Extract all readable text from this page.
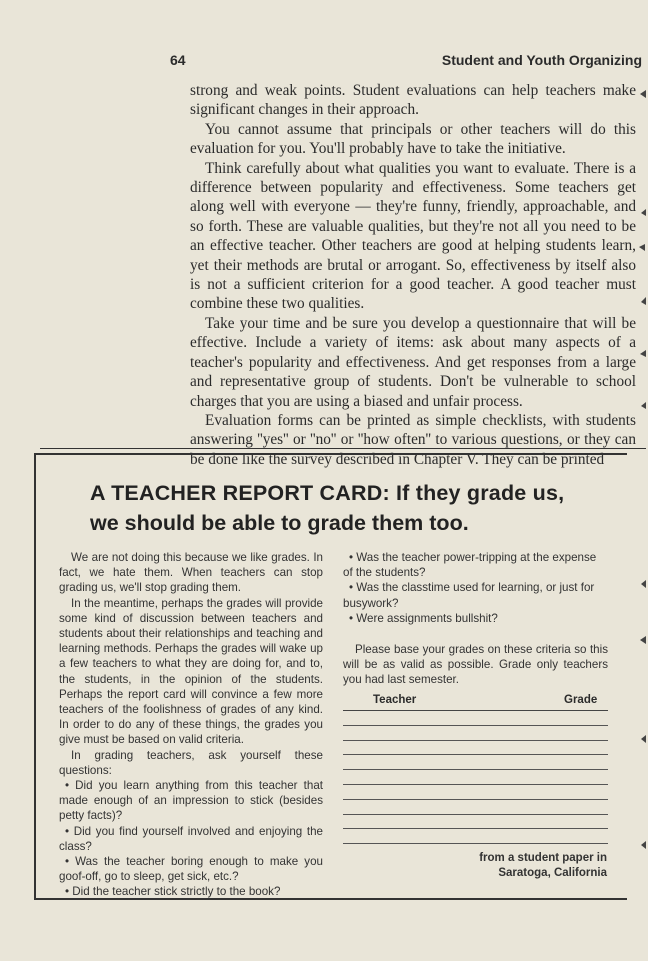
64	Student and Youth Organizing

strong and weak points. Student evaluations can help teachers make significant changes in their approach.

You cannot assume that principals or other teachers will do this evaluation for you. You'll probably have to take the initiative.

Think carefully about what qualities you want to evaluate. There is a difference between popularity and effectiveness. Some teachers get along well with everyone — they're funny, friendly, approachable, and so forth. These are valuable qualities, but they're not all you need to be an effective teacher. Other teachers are good at helping students learn, yet their methods are brutal or arrogant. So, effectiveness by itself also is not a sufficient criterion for a good teacher. A good teacher must combine these two qualities.

Take your time and be sure you develop a questionnaire that will be effective. Include a variety of items: ask about many aspects of a teacher's popularity and effectiveness. And get responses from a large and representative group of students. Don't be vulnerable to school charges that you are using a biased and unfair process.

Evaluation forms can be printed as simple checklists, with students answering ''yes'' or ''no'' or ''how often'' to various questions, or they can be done like the survey described in Chapter V. They can be printed

A TEACHER REPORT CARD: If they grade us,
we should be able to grade them too.

We are not doing this because we like grades. In fact, we hate them. When teachers can stop grading us, we'll stop grading them.

In the meantime, perhaps the grades will provide some kind of discussion between teachers and students about their relationships and teaching and learning methods. Perhaps the grades will wake up a few teachers to what they are doing for, and to, the students, in the opinion of the students. Perhaps the report card will convince a few more teachers of the foolishness of grades of any kind. In order to do any of these things, the grades you give must be based on valid criteria.

In grading teachers, ask yourself these questions:

• Did you learn anything from this teacher that made enough of an impression to stick (besides petty facts)?

• Did you find yourself involved and enjoying the class?

• Was the teacher boring enough to make you goof-off, go to sleep, get sick, etc.?

• Did the teacher stick strictly to the book?

• Was the teacher power-tripping at the expense of the students?

• Was the classtime used for learning, or just for busywork?

• Were assignments bullshit?

Please base your grades on these criteria so this will be as valid as possible. Grade only teachers you had last semester.

Teacher	Grade
from a student paper in
Saratoga, California
